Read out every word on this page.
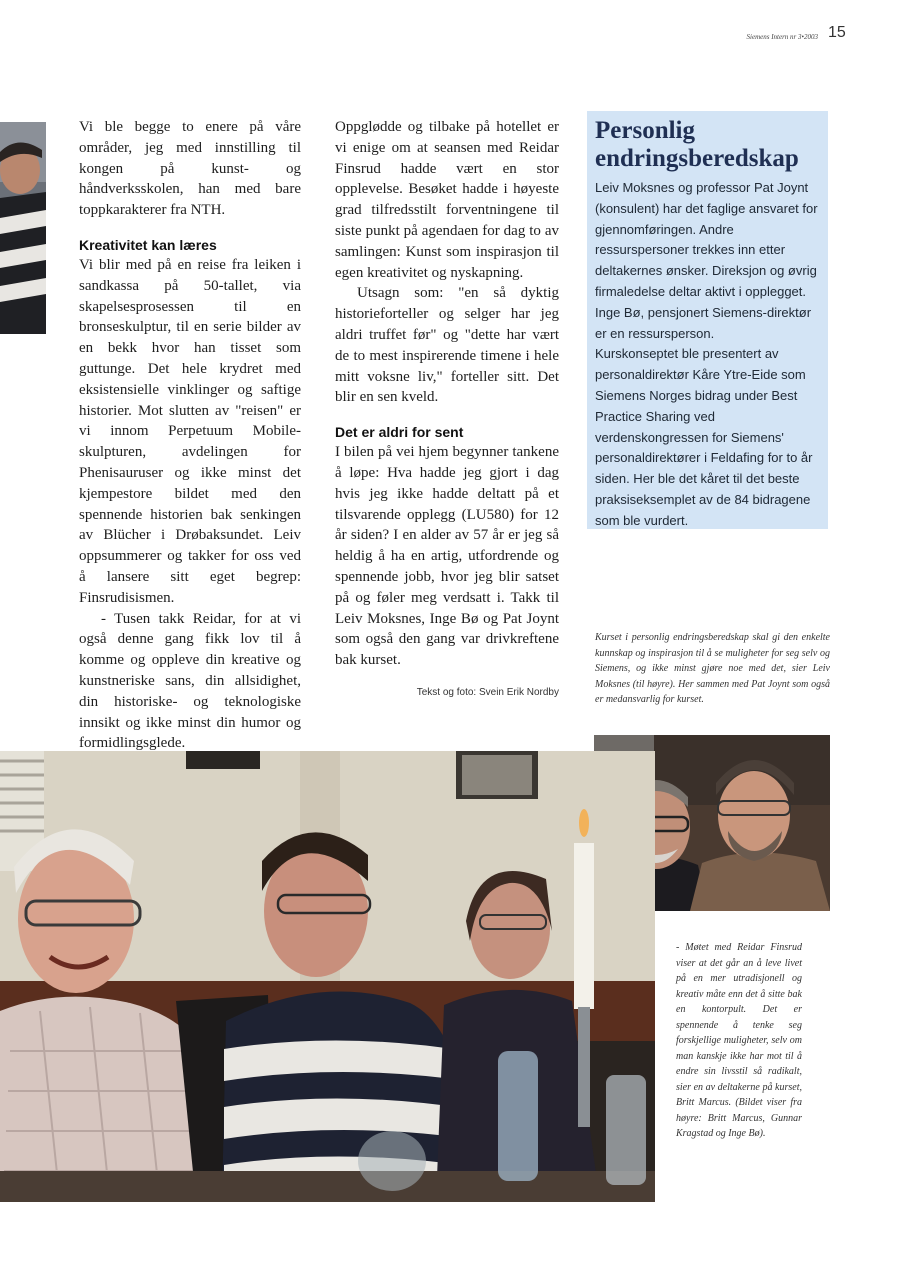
Siemens Intern nr 3•2003 15

Vi ble begge to enere på våre områder, jeg med innstilling til kongen på kunst- og håndverksskolen, han med bare toppkarakterer fra NTH.

Kreativitet kan læres

Vi blir med på en reise fra leiken i sandkassa på 50-tallet, via skapelsesprosessen til en bronseskulptur, til en serie bilder av en bekk hvor han tisset som guttunge. Det hele krydret med eksistensielle vinklinger og saftige historier. Mot slutten av "reisen" er vi innom Perpetuum Mobile-skulpturen, avdelingen for Phenisauruser og ikke minst det kjempestore bildet med den spennende historien bak senkingen av Blücher i Drøbaksundet. Leiv oppsummerer og takker for oss ved å lansere sitt eget begrep: Finsrudisismen.

- Tusen takk Reidar, for at vi også denne gang fikk lov til å komme og oppleve din kreative og kunstneriske sans, din allsidighet, din historiske- og teknologiske innsikt og ikke minst din humor og formidlingsglede.

Oppglødde og tilbake på hotellet er vi enige om at seansen med Reidar Finsrud hadde vært en stor opplevelse. Besøket hadde i høyeste grad tilfredsstilt forventningene til siste punkt på agendaen for dag to av samlingen: Kunst som inspirasjon til egen kreativitet og nyskapning.

Utsagn som: "en så dyktig historieforteller og selger har jeg aldri truffet før" og "dette har vært de to mest inspirerende timene i hele mitt voksne liv," forteller sitt. Det blir en sen kveld.

Det er aldri for sent

I bilen på vei hjem begynner tankene å løpe: Hva hadde jeg gjort i dag hvis jeg ikke hadde deltatt på et tilsvarende opplegg (LU580) for 12 år siden? I en alder av 57 år er jeg så heldig å ha en artig, utfordrende og spennende jobb, hvor jeg blir satset på og føler meg verdsatt i. Takk til Leiv Moksnes, Inge Bø og Pat Joynt som også den gang var drivkreftene bak kurset.

Tekst og foto: Svein Erik Nordby

Personlig endringsberedskap

Leiv Moksnes og professor Pat Joynt (konsulent) har det faglige ansvaret for gjennomføringen. Andre ressurspersoner trekkes inn etter deltakernes ønsker. Direksjon og øvrig firmaledelse deltar aktivt i opplegget.

Inge Bø, pensjonert Siemens-direktør er en ressursperson.

Kurskonseptet ble presentert av personaldirektør Kåre Ytre-Eide som Siemens Norges bidrag under Best Practice Sharing ved verdenskongressen for Siemens' personaldirektører i Feldafing for to år siden. Her ble det kåret til det beste praksiseksemplet av de 84 bidragene som ble vurdert.

Kurset i personlig endringsberedskap skal gi den enkelte kunnskap og inspirasjon til å se muligheter for seg selv og Siemens, og ikke minst gjøre noe med det, sier Leiv Moksnes (til høyre). Her sammen med Pat Joynt som også er medansvarlig for kurset.
- Møtet med Reidar Finsrud viser at det går an å leve livet på en mer utradisjonell og kreativ måte enn det å sitte bak en kontorpult. Det er spennende å tenke seg forskjellige muligheter, selv om man kanskje ikke har mot til å endre sin livsstil så radikalt, sier en av deltakerne på kurset, Britt Marcus. (Bildet viser fra høyre: Britt Marcus, Gunnar Kragstad og Inge Bø).
